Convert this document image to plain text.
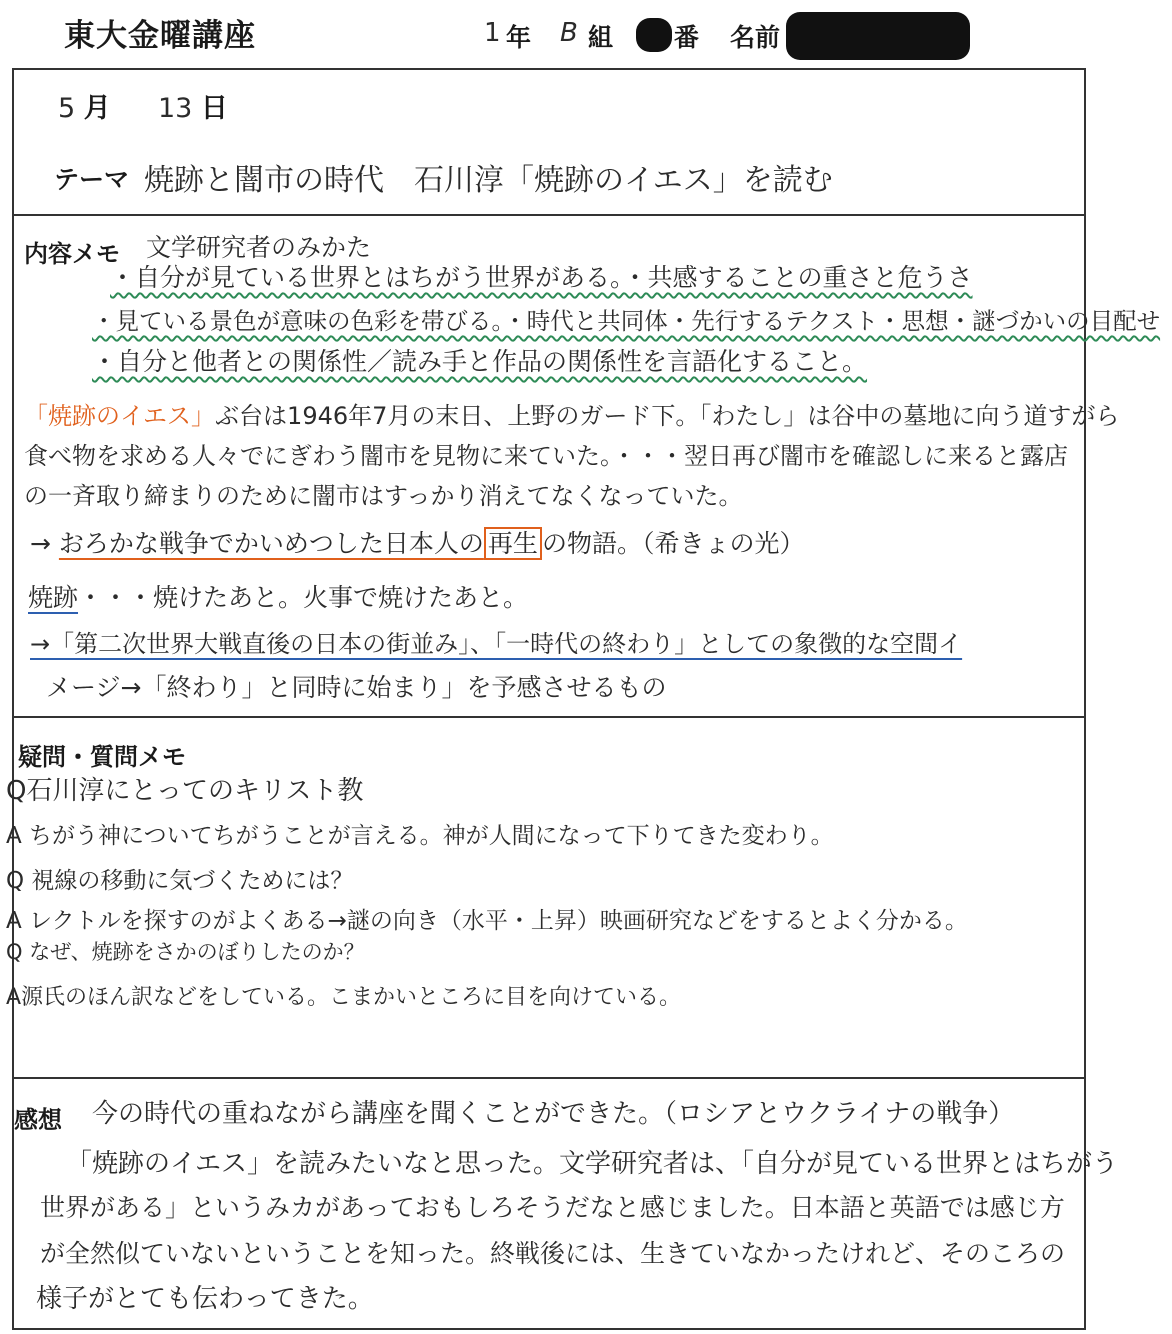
東大金曜講座	1 年 B 組 番 名前
5 月 13 日
テーマ 焼跡と闇市の時代　石川淳「焼跡のイエス」を読む
内容メモ 文学研究者のみかた
・自分が見ている世界とはちがう世界がある。・共感することの重さと危うさ
・見ている景色が意味の色彩を帯びる。・時代と共同体・先行するテクスト・思想・謎づかいの目配せ
・自分と他者との関係性／読み手と作品の関係性を言語化すること。
「焼跡のイエス」ぶ台は1946年7月の末日、上野のガード下。「わたし」は谷中の墓地に向う道すがら
食べ物を求める人々でにぎわう闇市を見物に来ていた。・・・翌日再び闇市を確認しに来ると露店
の一斉取り締まりのために闇市はすっかり消えてなくなっていた。
→ おろかな戦争でかいめつした日本人の 再生 の物語。（希きょの光）
焼跡・・・焼けたあと。火事で焼けたあと。
→「第二次世界大戦直後の日本の街並み」、「一時代の終わり」としての象徴的な空間イ
メージ→「終わり」と同時に始まり」を予感させるもの
疑問・質問メモ
Q石川淳にとってのキリスト教
A ちがう神についてちがうことが言える。神が人間になって下りてきた変わり。
Q 視線の移動に気づくためには？
A レクトルを探すのがよくある→謎の向き（水平・上昇）映画研究などをするとよく分かる。
Q なぜ、焼跡をさかのぼりしたのか？
A源氏のほん訳などをしている。こまかいところに目を向けている。
感想 今の時代の重ねながら講座を聞くことができた。（ロシアとウクライナの戦争）
「焼跡のイエス」を読みたいなと思った。文学研究者は、「自分が見ている世界とはちがう
世界がある」というみカがあっておもしろそうだなと感じました。日本語と英語では感じ方
が全然似ていないということを知った。終戦後には、生きていなかったけれど、そのころの
様子がとても伝わってきた。
